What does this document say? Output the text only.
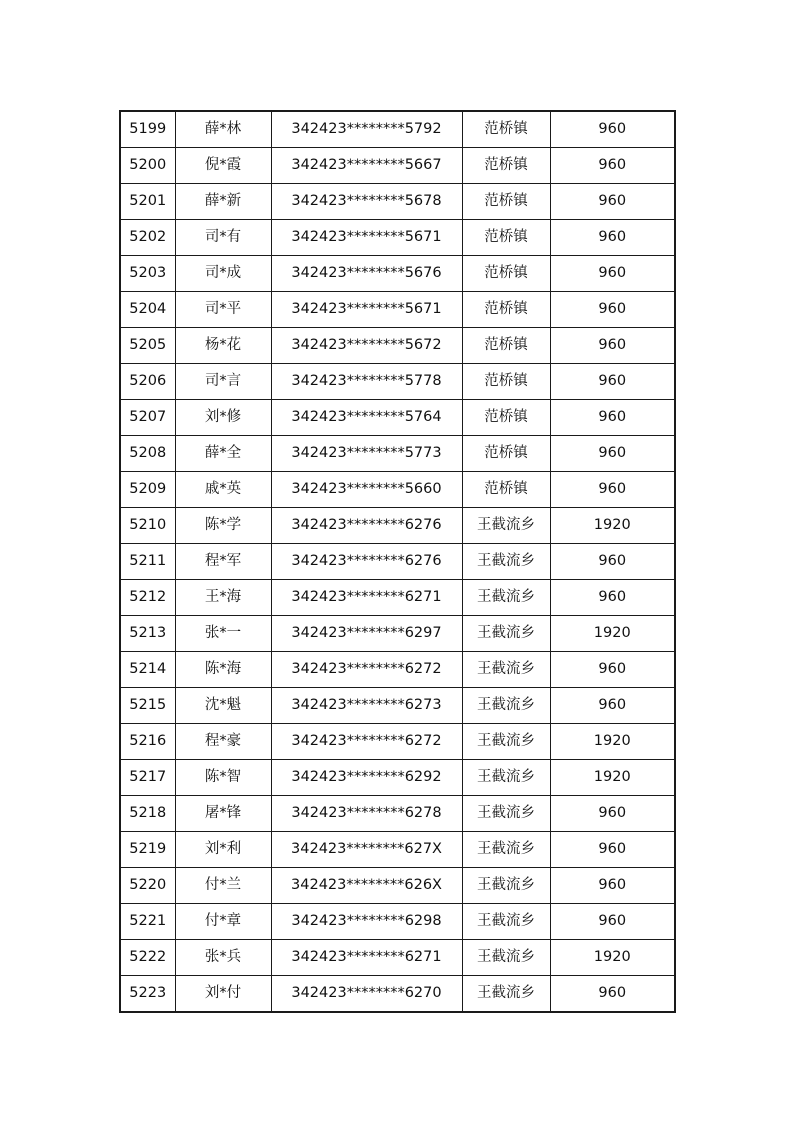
5199	薛*林	342423********5792	范桥镇	960
5200	倪*霞	342423********5667	范桥镇	960
5201	薛*新	342423********5678	范桥镇	960
5202	司*有	342423********5671	范桥镇	960
5203	司*成	342423********5676	范桥镇	960
5204	司*平	342423********5671	范桥镇	960
5205	杨*花	342423********5672	范桥镇	960
5206	司*言	342423********5778	范桥镇	960
5207	刘*修	342423********5764	范桥镇	960
5208	薛*全	342423********5773	范桥镇	960
5209	戚*英	342423********5660	范桥镇	960
5210	陈*学	342423********6276	王截流乡	1920
5211	程*军	342423********6276	王截流乡	960
5212	王*海	342423********6271	王截流乡	960
5213	张*一	342423********6297	王截流乡	1920
5214	陈*海	342423********6272	王截流乡	960
5215	沈*魁	342423********6273	王截流乡	960
5216	程*豪	342423********6272	王截流乡	1920
5217	陈*智	342423********6292	王截流乡	1920
5218	屠*锋	342423********6278	王截流乡	960
5219	刘*利	342423********627X	王截流乡	960
5220	付*兰	342423********626X	王截流乡	960
5221	付*章	342423********6298	王截流乡	960
5222	张*兵	342423********6271	王截流乡	1920
5223	刘*付	342423********6270	王截流乡	960
